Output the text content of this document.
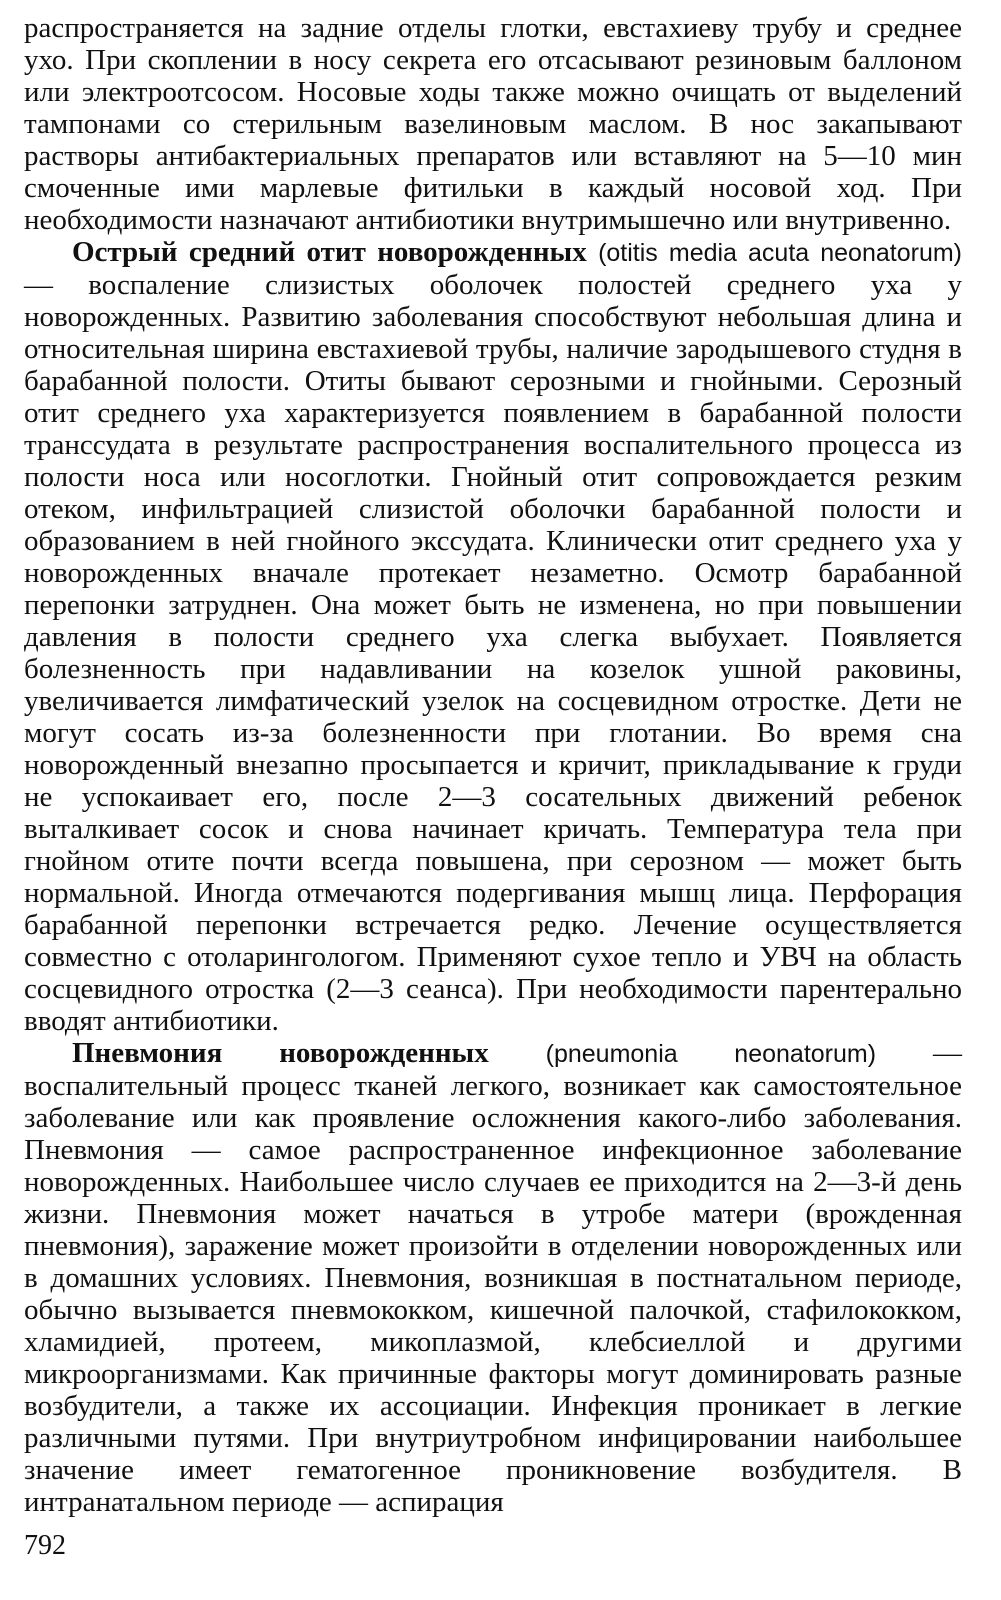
распространяется на задние отделы глотки, евстахиеву трубу и среднее ухо. При скоплении в носу секрета его отсасывают резиновым баллоном или электроотсосом. Носовые ходы также можно очищать от выделений тампонами со стерильным вазелиновым маслом. В нос закапывают растворы антибактериальных препаратов или вставляют на 5—10 мин смоченные ими марлевые фитильки в каждый носовой ход. При необходимости назначают антибиотики внутримышечно или внутривенно.

Острый средний отит новорожденных (otitis media acuta neonatorum) — воспаление слизистых оболочек полостей среднего уха у новорожденных. Развитию заболевания способствуют небольшая длина и относительная ширина евстахиевой трубы, наличие зародышевого студня в барабанной полости. Отиты бывают серозными и гнойными. Серозный отит среднего уха характеризуется появлением в барабанной полости транссудата в результате распространения воспалительного процесса из полости носа или носоглотки. Гнойный отит сопровождается резким отеком, инфильтрацией слизистой оболочки барабанной полости и образованием в ней гнойного экссудата. Клинически отит среднего уха у новорожденных вначале протекает незаметно. Осмотр барабанной перепонки затруднен. Она может быть не изменена, но при повышении давления в полости среднего уха слегка выбухает. Появляется болезненность при надавливании на козелок ушной раковины, увеличивается лимфатический узелок на сосцевидном отростке. Дети не могут сосать из-за болезненности при глотании. Во время сна новорожденный внезапно просыпается и кричит, прикладывание к груди не успокаивает его, после 2—3 сосательных движений ребенок выталкивает сосок и снова начинает кричать. Температура тела при гнойном отите почти всегда повышена, при серозном — может быть нормальной. Иногда отмечаются подергивания мышц лица. Перфорация барабанной перепонки встречается редко. Лечение осуществляется совместно с отоларингологом. Применяют сухое тепло и УВЧ на область сосцевидного отростка (2—3 сеанса). При необходимости парентерально вводят антибиотики.

Пневмония новорожденных (pneumonia neonatorum) — воспалительный процесс тканей легкого, возникает как самостоятельное заболевание или как проявление осложнения какого-либо заболевания. Пневмония — самое распространенное инфекционное заболевание новорожденных. Наибольшее число случаев ее приходится на 2—3-й день жизни. Пневмония может начаться в утробе матери (врожденная пневмония), заражение может произойти в отделении новорожденных или в домашних условиях. Пневмония, возникшая в постнатальном периоде, обычно вызывается пневмококком, кишечной палочкой, стафилококком, хламидией, протеем, микоплазмой, клебсиеллой и другими микроорганизмами. Как причинные факторы могут доминировать разные возбудители, а также их ассоциации. Инфекция проникает в легкие различными путями. При внутриутробном инфицировании наибольшее значение имеет гематогенное проникновение возбудителя. В интранатальном периоде — аспирация

792
